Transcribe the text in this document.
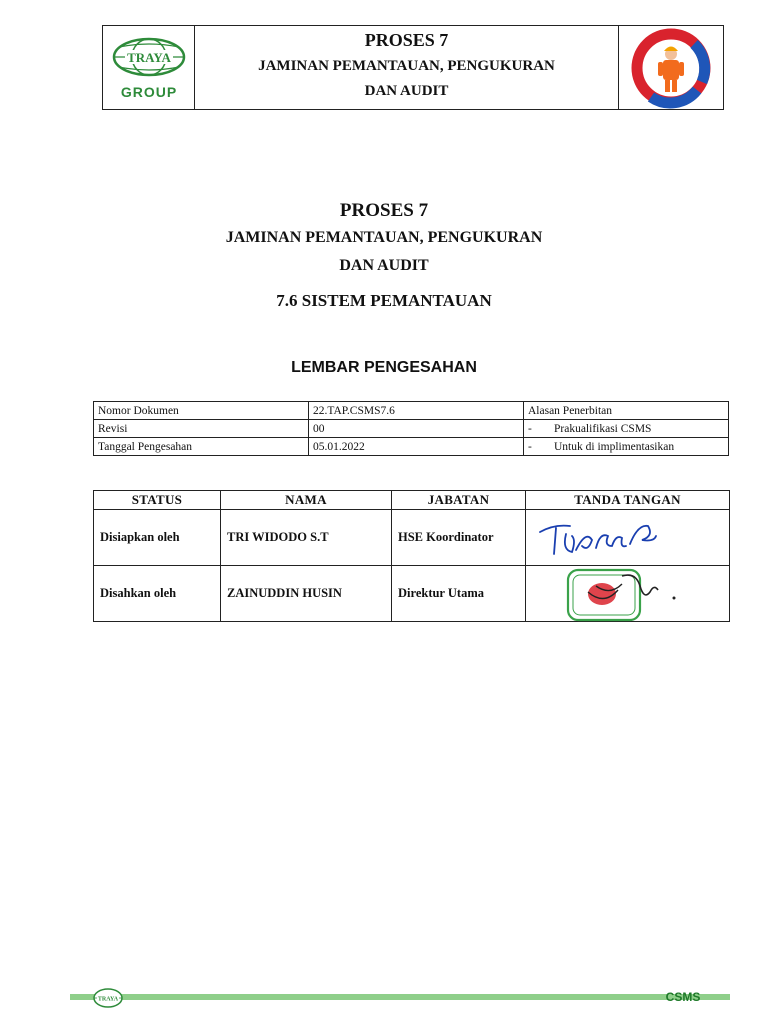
TRAYA
GROUP
PROSES 7
JAMINAN PEMANTAUAN, PENGUKURAN
DAN AUDIT
PROSES 7
JAMINAN PEMANTAUAN, PENGUKURAN
DAN AUDIT
7.6 SISTEM PEMANTAUAN
LEMBAR PENGESAHAN
Nomor Dokumen	22.TAP.CSMS7.6	Alasan Penerbitan
Revisi	00	- Prakualifikasi CSMS

Tanggal Pengesahan	05.01.2022	- Untuk di implimentasikan
STATUS	NAMA	JABATAN	TANDA TANGAN
Disiapkan oleh	TRI WIDODO S.T	HSE Koordinator	

Disahkan oleh	ZAINUDDIN HUSIN	Direktur Utama	
TRAYA	CSMS
